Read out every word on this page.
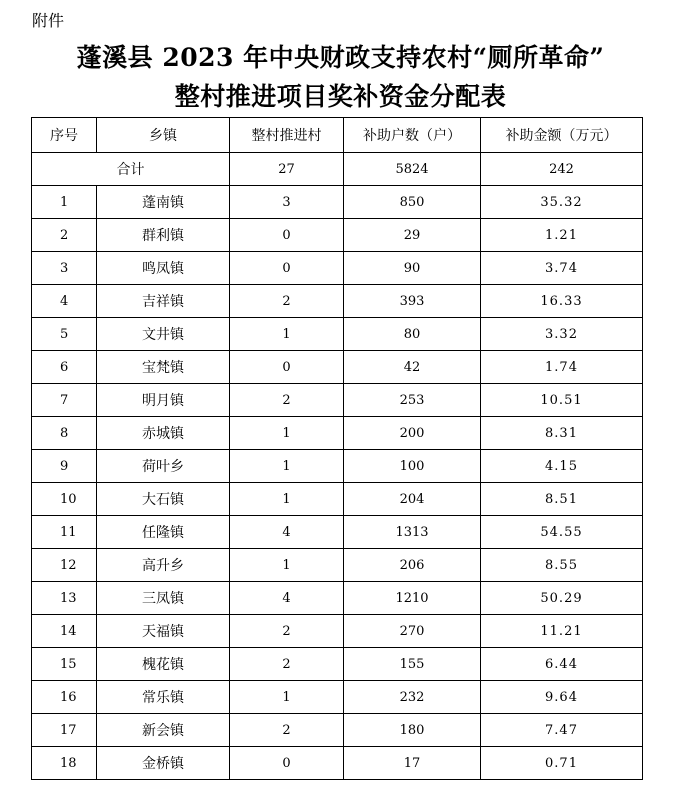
附件
蓬溪县 2023 年中央财政支持农村“厕所革命”
整村推进项目奖补资金分配表
序号	乡镇	整村推进村	补助户数（户）	补助金额（万元）
合计		27	5824	242
1	蓬南镇	3	850	35.32
2	群利镇	0	29	1.21
3	鸣凤镇	0	90	3.74
4	吉祥镇	2	393	16.33
5	文井镇	1	80	3.32
6	宝梵镇	0	42	1.74
7	明月镇	2	253	10.51
8	赤城镇	1	200	8.31
9	荷叶乡	1	100	4.15
10	大石镇	1	204	8.51
11	任隆镇	4	1313	54.55
12	高升乡	1	206	8.55
13	三凤镇	4	1210	50.29
14	天福镇	2	270	11.21
15	槐花镇	2	155	6.44
16	常乐镇	1	232	9.64
17	新会镇	2	180	7.47
18	金桥镇	0	17	0.71
